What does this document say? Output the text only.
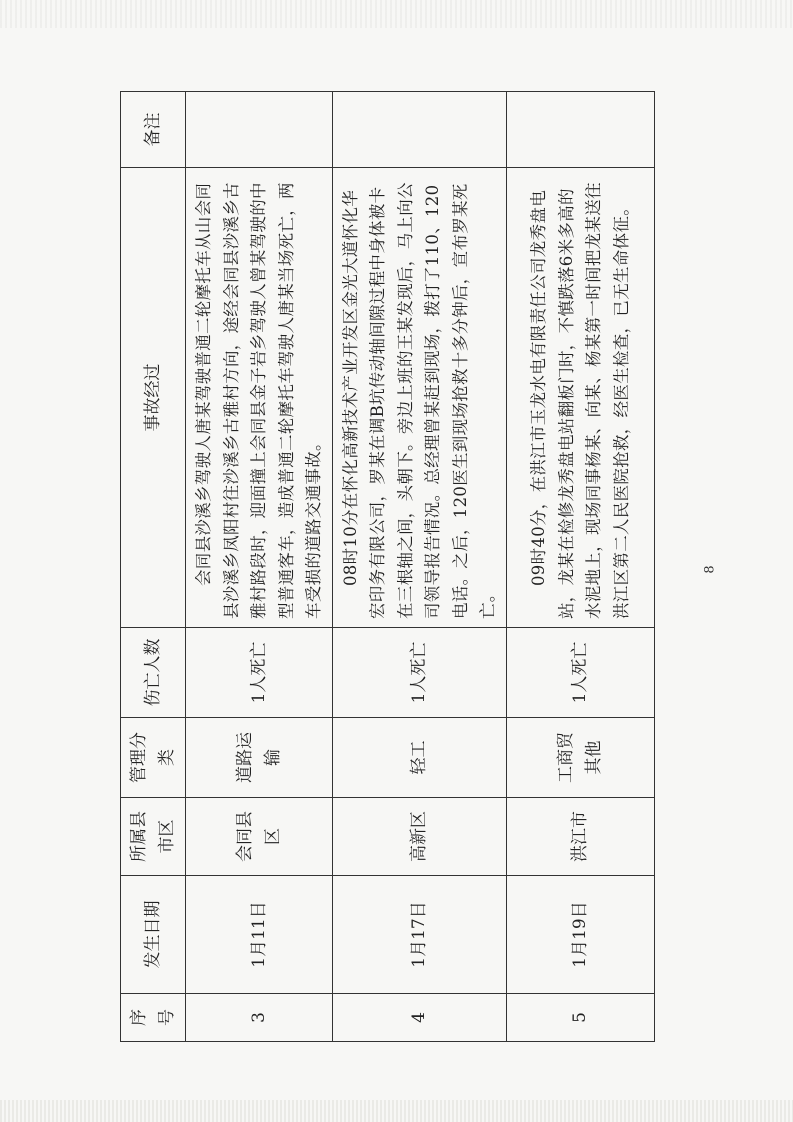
序号	发生日期	所属县市区	管理分类	伤亡人数	事故经过	备注
3	1月11日	会同县区	道路运输	1人死亡	会同县沙溪乡驾驶人唐某驾驶普通二轮摩托车从山会同县沙溪乡凤阳村往沙溪乡古雅村方向，途经会同县沙溪乡古雅村路段时，迎面撞上会同县金子岩乡驾驶人曾某驾驶的中型普通客车，造成普通二轮摩托车驾驶人唐某当场死亡，两车受损的道路交通事故。	
4	1月17日	高新区	轻工	1人死亡	08时10分在怀化高新技术产业开发区金光大道怀化华宏印务有限公司，罗某在调B坑传动轴间隙过程中身体被卡在三根轴之间，头朝下。旁边上班的王某发现后，马上向公司领导报告情况。总经理曾某赶到现场，拨打了110、120电话。之后，120医生到现场抢救十多分钟后，宣布罗某死亡。	
5	1月19日	洪江市	工商贸其他	1人死亡	09时40分，在洪江市玉龙水电有限责任公司龙秀盘电站，龙某在检修龙秀盘电站翻板门时，不慎跌落6米多高的水泥地上，现场同事杨某、向某、杨某第一时间把龙某送往洪江区第二人民医院抢救，经医生检查，已无生命体征。		8
